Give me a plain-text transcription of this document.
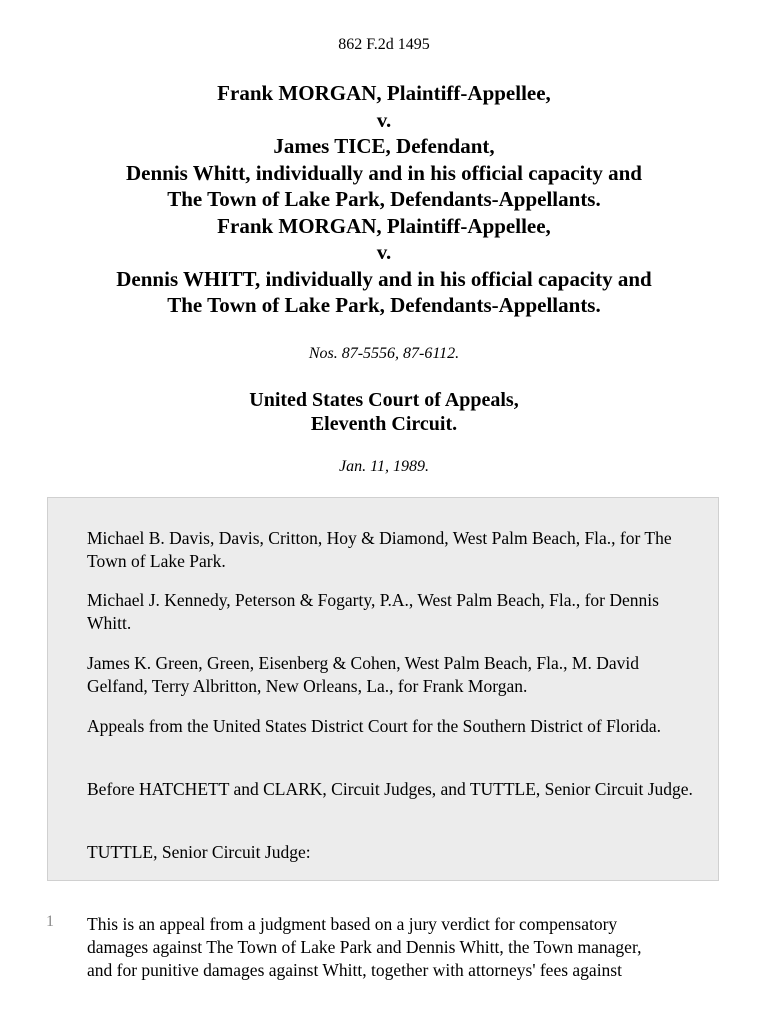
862 F.2d 1495
Frank MORGAN, Plaintiff-Appellee,
v.
James TICE, Defendant,
Dennis Whitt, individually and in his official capacity and
The Town of Lake Park, Defendants-Appellants.
Frank MORGAN, Plaintiff-Appellee,
v.
Dennis WHITT, individually and in his official capacity and
The Town of Lake Park, Defendants-Appellants.
Nos. 87-5556, 87-6112.
United States Court of Appeals,
Eleventh Circuit.
Jan. 11, 1989.

Michael B. Davis, Davis, Critton, Hoy & Diamond, West Palm Beach, Fla., for The Town of Lake Park.

Michael J. Kennedy, Peterson & Fogarty, P.A., West Palm Beach, Fla., for Dennis Whitt.

James K. Green, Green, Eisenberg & Cohen, West Palm Beach, Fla., M. David Gelfand, Terry Albritton, New Orleans, La., for Frank Morgan.

Appeals from the United States District Court for the Southern District of Florida.

Before HATCHETT and CLARK, Circuit Judges, and TUTTLE, Senior Circuit Judge.

TUTTLE, Senior Circuit Judge:

1 This is an appeal from a judgment based on a jury verdict for compensatory
damages against The Town of Lake Park and Dennis Whitt, the Town manager,
and for punitive damages against Whitt, together with attorneys' fees against
